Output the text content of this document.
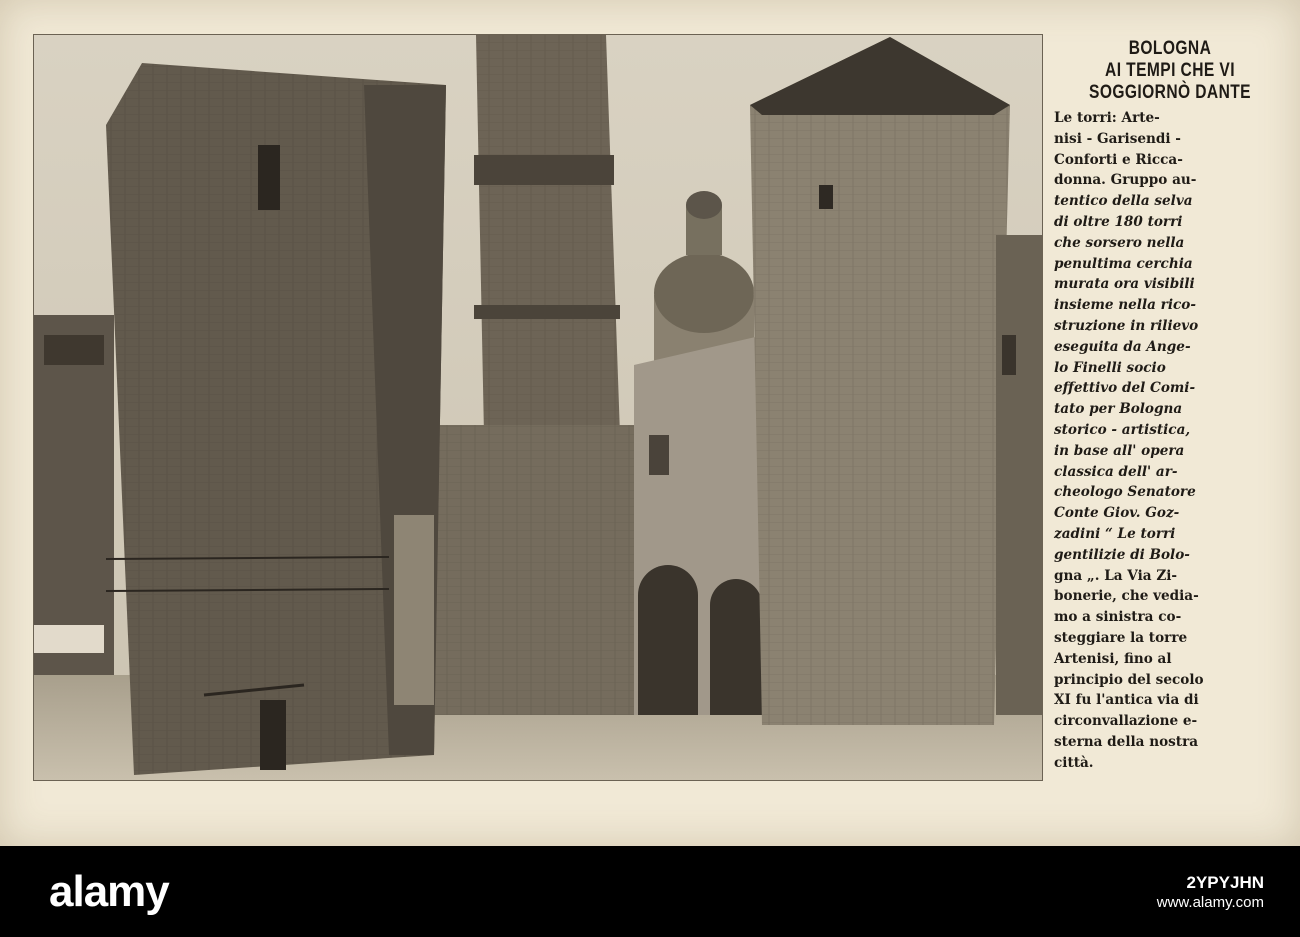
BOLOGNA
AI TEMPI CHE VI
SOGGIORNÒ DANTE
Le torri: Arte-
nisi - Garisendi -
Conforti e Ricca-
donna. Gruppo au-
tentico della selva
di oltre 180 torri
che sorsero nella
penultima cerchia
murata ora visibili
insieme nella rico-
struzione in rilievo
eseguita da Ange-
lo Finelli socio
effettivo del Comi-
tato per Bologna
storico - artistica,
in base all' opera
classica dell' ar-
cheologo Senatore
Conte Giov. Goz-
zadini “ Le torri
gentilizie di Bolo-
gna „. La Via Zi-
bonerie, che vedia-
mo a sinistra co-
steggiare la torre
Artenisi, fino al
principio del secolo
XI fu l'antica via di
circonvallazione e-
sterna della nostra
città.
alamy	2YPYJHN
www.alamy.com
